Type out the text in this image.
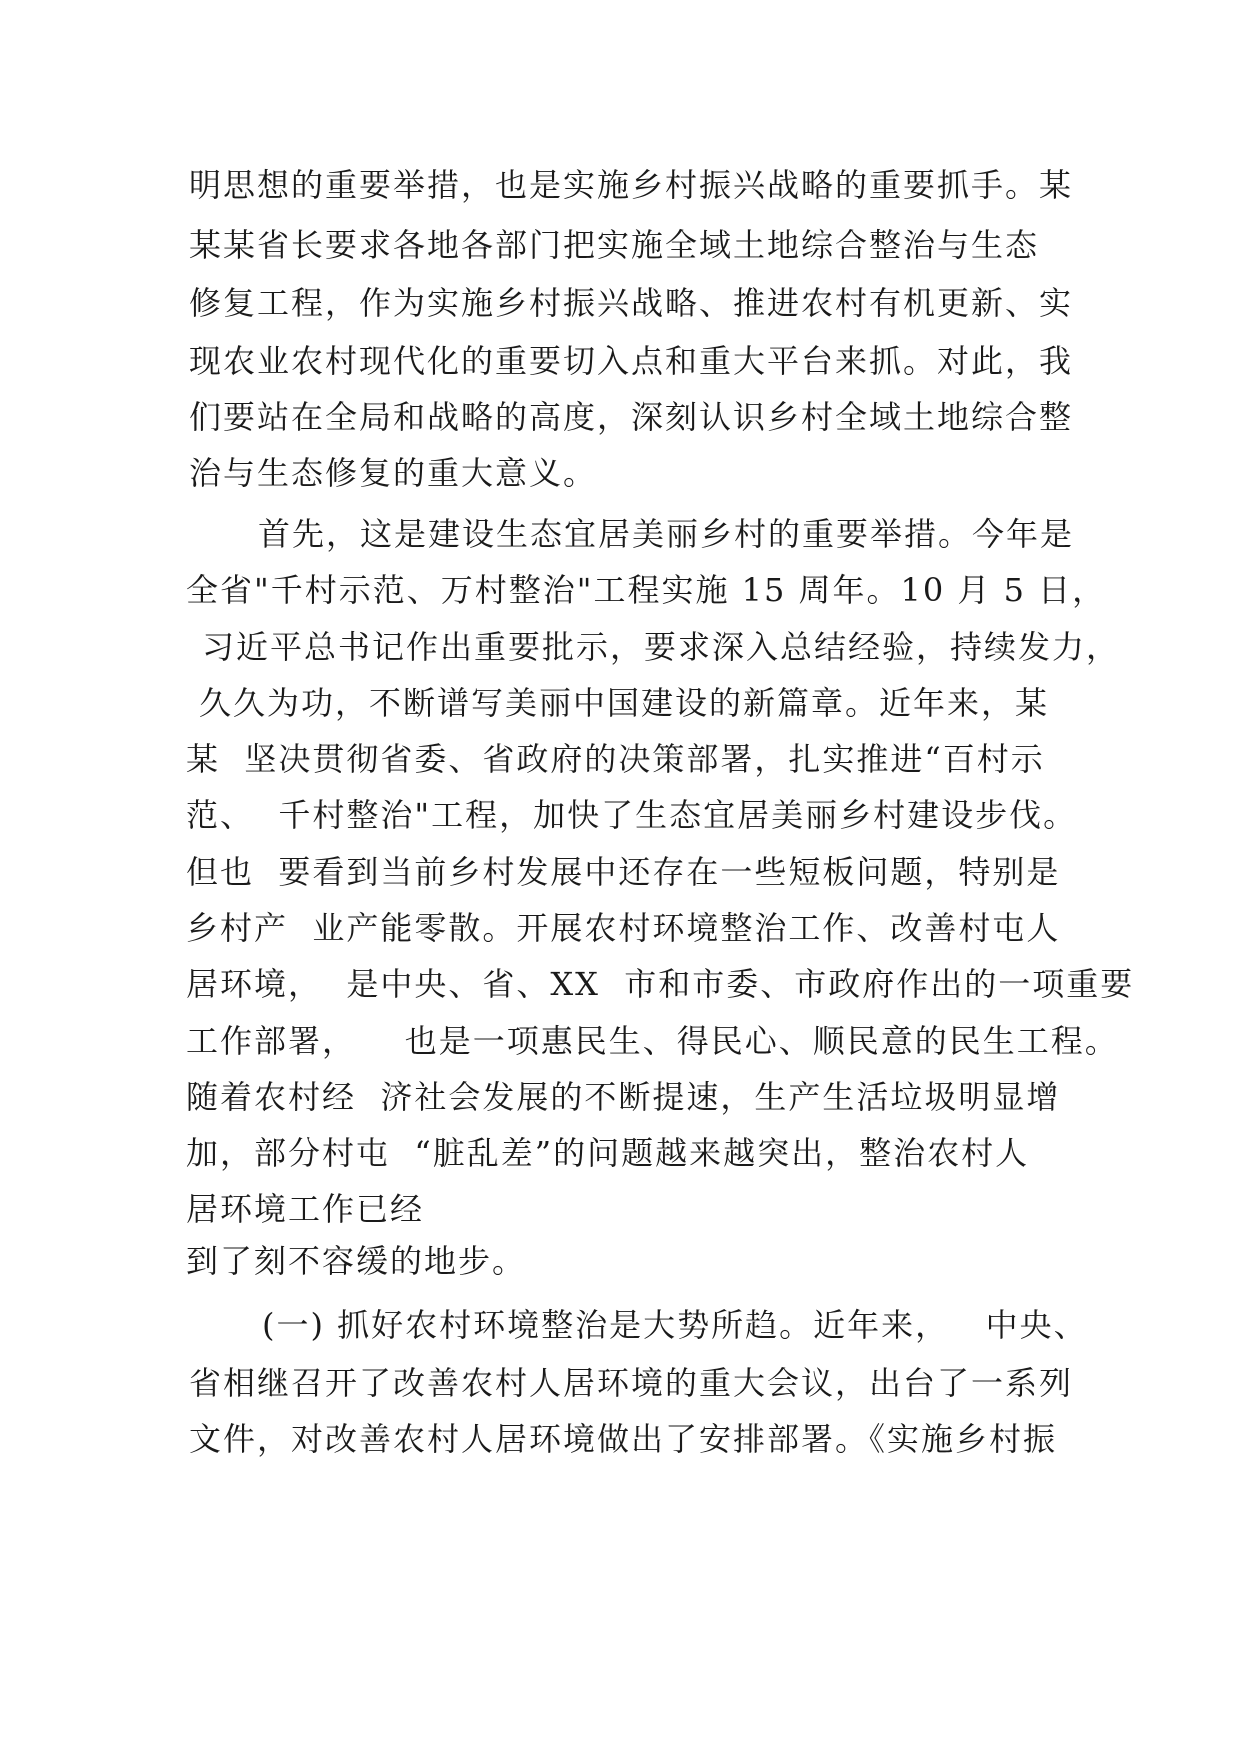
明思想的重要举措，也是实施乡村振兴战略的重要抓手。某
某某省长要求各地各部门把实施全域土地综合整治与生态
修复工程，作为实施乡村振兴战略、推进农村有机更新、实
现农业农村现代化的重要切入点和重大平台来抓。对此，我
们要站在全局和战略的高度，深刻认识乡村全域土地综合整
治与生态修复的重大意义。
首先，这是建设生态宜居美丽乡村的重要举措。今年是
全省"千村示范、万村整治"工程实施 15 周年。10 月 5 日，
习近平总书记作出重要批示，要求深入总结经验，持续发力，
久久为功，不断谱写美丽中国建设的新篇章。近年来，某
某  坚决贯彻省委、省政府的决策部署，扎实推进“百村示
范、  千村整治"工程，加快了生态宜居美丽乡村建设步伐。
但也  要看到当前乡村发展中还存在一些短板问题，特别是
乡村产  业产能零散。开展农村环境整治工作、改善村屯人
居环境，  是中央、省、XX  市和市委、市政府作出的一项重要
工作部署，    也是一项惠民生、得民心、顺民意的民生工程。
随着农村经  济社会发展的不断提速，生产生活垃圾明显增
加，部分村屯  “脏乱差”的问题越来越突出，整治农村人
居环境工作已经
到了刻不容缓的地步。
(一) 抓好农村环境整治是大势所趋。近年来，   中央、
省相继召开了改善农村人居环境的重大会议，出台了一系列
文件，对改善农村人居环境做出了安排部署。《实施乡村振
